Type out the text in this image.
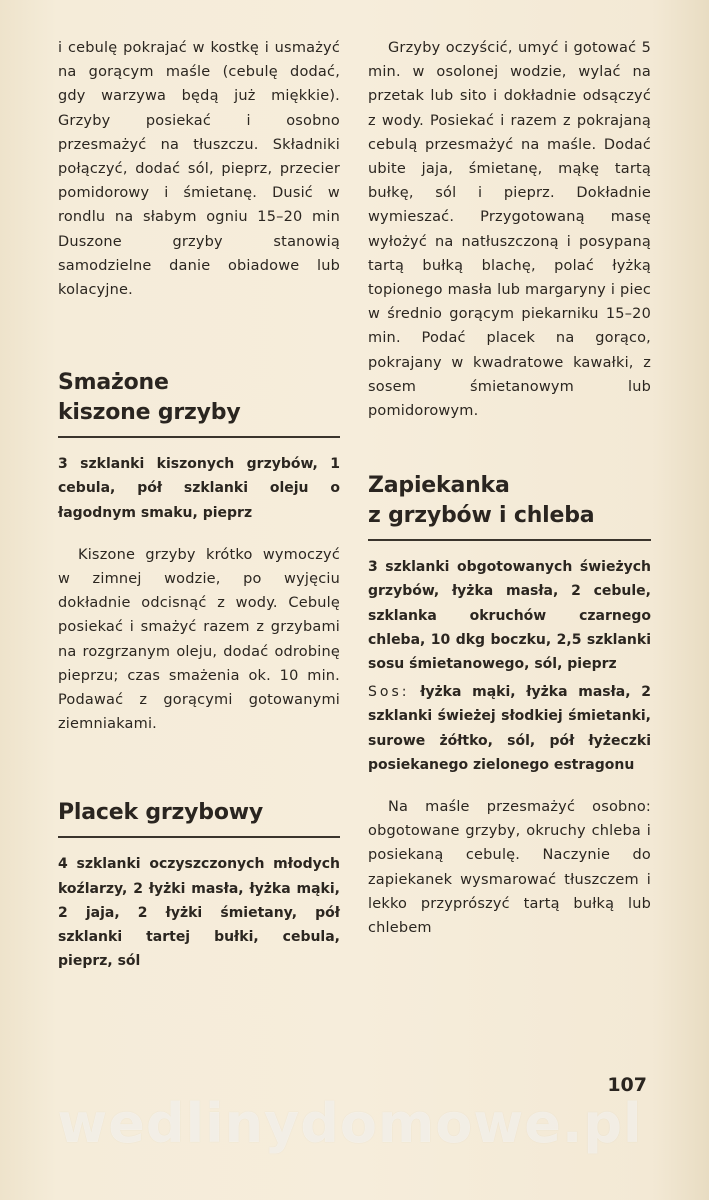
i cebulę pokrajać w kostkę i usmażyć na gorącym maśle (cebulę dodać, gdy warzywa będą już miękkie). Grzyby posiekać i osobno przesmażyć na tłuszczu. Składniki połączyć, dodać sól, pieprz, przecier pomidorowy i śmietanę. Dusić w rondlu na słabym ogniu 15–20 min Duszone grzyby stanowią samodzielne danie obiadowe lub kolacyjne.

Smażone
kiszone grzyby

3 szklanki kiszonych grzybów, 1 cebula, pół szklanki oleju o łagodnym smaku, pieprz

Kiszone grzyby krótko wymoczyć w zimnej wodzie, po wyjęciu dokładnie odcisnąć z wody. Cebulę posiekać i smażyć razem z grzybami na rozgrzanym oleju, dodać odrobinę pieprzu; czas smażenia ok. 10 min. Podawać z gorącymi gotowanymi ziemniakami.

Placek grzybowy

4 szklanki oczyszczonych młodych koźlarzy, 2 łyżki masła, łyżka mąki, 2 jaja, 2 łyżki śmietany, pół szklanki tartej bułki, cebula, pieprz, sól

Grzyby oczyścić, umyć i gotować 5 min. w osolonej wodzie, wylać na przetak lub sito i dokładnie odsączyć z wody. Posiekać i razem z pokrajaną cebulą przesmażyć na maśle. Dodać ubite jaja, śmietanę, mąkę tartą bułkę, sól i pieprz. Dokładnie wymieszać. Przygotowaną masę wyłożyć na natłuszczoną i posypaną tartą bułką blachę, polać łyżką topionego masła lub margaryny i piec w średnio gorącym piekarniku 15–20 min. Podać placek na gorąco, pokrajany w kwadratowe kawałki, z sosem śmietanowym lub pomidorowym.

Zapiekanka
z grzybów i chleba

3 szklanki obgotowanych świeżych grzybów, łyżka masła, 2 cebule, szklanka okruchów czarnego chleba, 10 dkg boczku, 2,5 szklanki sosu śmietanowego, sól, pieprz

Sos: łyżka mąki, łyżka masła, 2 szklanki świeżej słodkiej śmietanki, surowe żółtko, sól, pół łyżeczki posiekanego zielonego estragonu

Na maśle przesmażyć osobno: obgotowane grzyby, okruchy chleba i posiekaną cebulę. Naczynie do zapiekanek wysmarować tłuszczem i lekko przyprószyć tartą bułką lub chlebem

107
wedlinydomowe.pl
